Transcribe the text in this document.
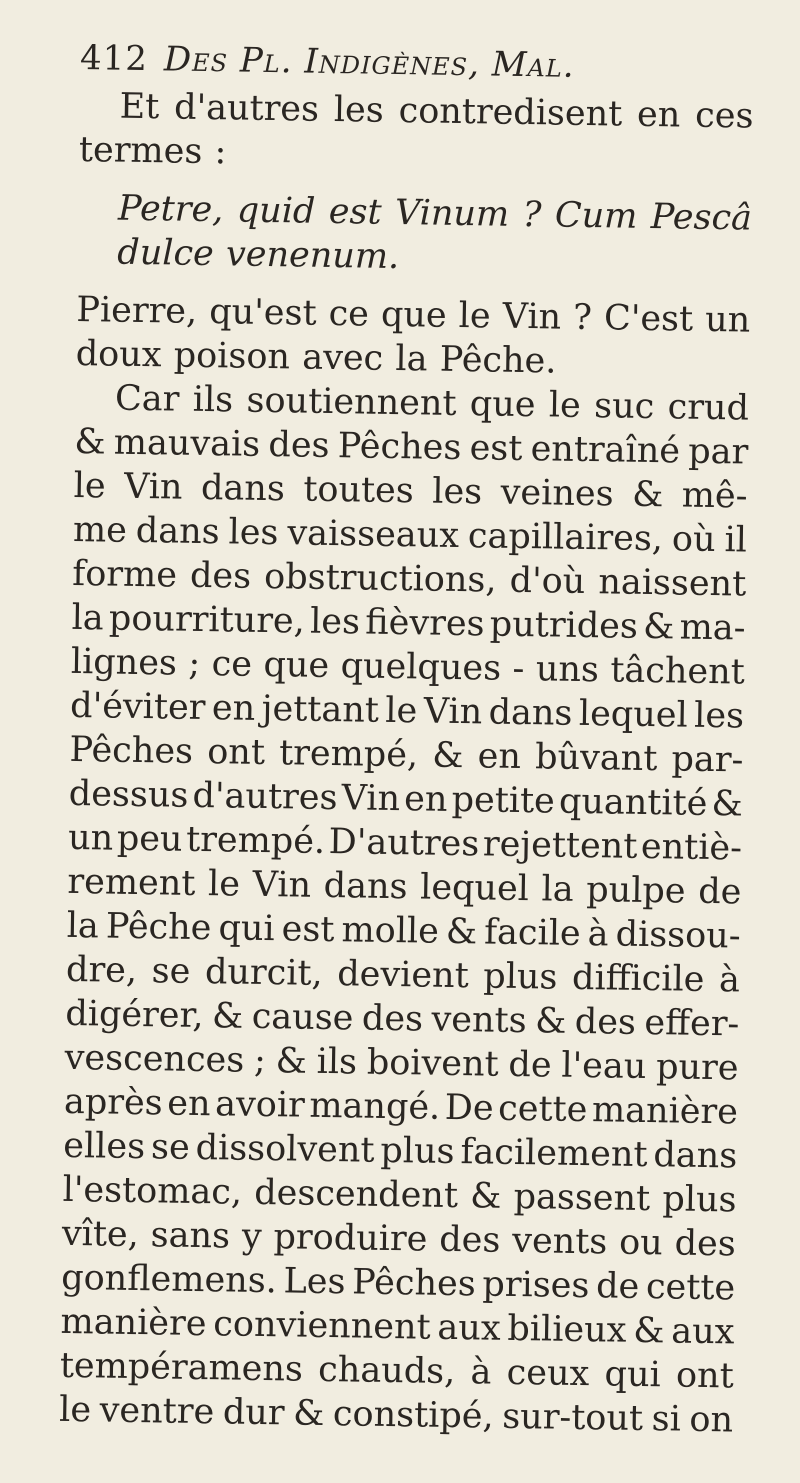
412 Des Pl. Indigènes, Mal.
Et d'autres les contredisent en ces
termes :
Petre, quid est Vinum ? Cum Pescâ
dulce venenum.
Pierre, qu'est ce que le Vin ? C'est un
doux poison avec la Pêche.
Car ils soutiennent que le suc crud
& mauvais des Pêches est entraîné par
le Vin dans toutes les veines & mê-
me dans les vaisseaux capillaires, où il
forme des obstructions, d'où naissent
la pourriture, les fièvres putrides & ma-
lignes ; ce que quelques - uns tâchent
d'éviter en jettant le Vin dans lequel les
Pêches ont trempé, & en bûvant par-
dessus d'autres Vin en petite quantité &
un peu trempé. D'autres rejettent entiè-
rement le Vin dans lequel la pulpe de
la Pêche qui est molle & facile à dissou-
dre, se durcit, devient plus difficile à
digérer, & cause des vents & des effer-
vescences ; & ils boivent de l'eau pure
après en avoir mangé. De cette manière
elles se dissolvent plus facilement dans
l'estomac, descendent & passent plus
vîte, sans y produire des vents ou des
gonflemens. Les Pêches prises de cette
manière conviennent aux bilieux & aux
tempéramens chauds, à ceux qui ont
le ventre dur & constipé, sur-tout si on
